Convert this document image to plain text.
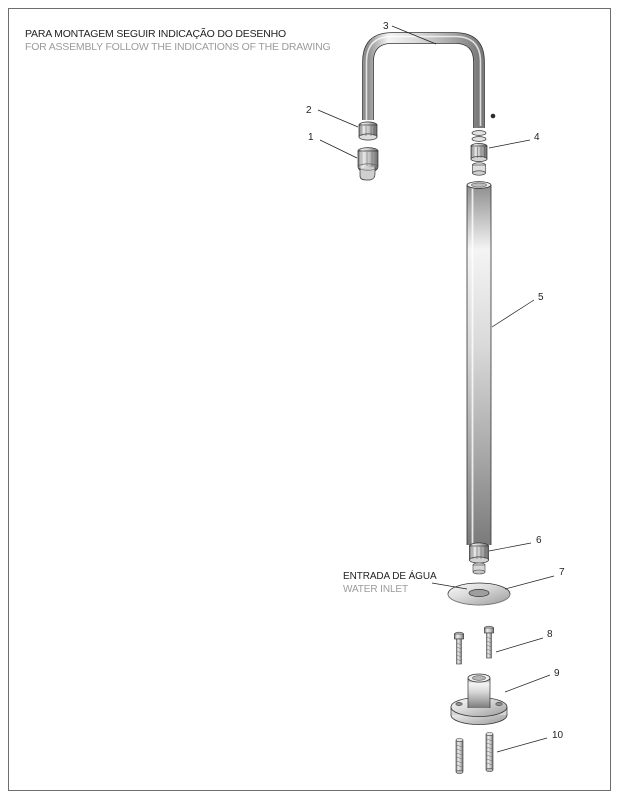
PARA MONTAGEM SEGUIR INDICAÇÃO DO DESENHO
FOR ASSEMBLY FOLLOW THE INDICATIONS OF THE DRAWING
ENTRADA DE ÁGUA
WATER INLET
1
2
3
4
5
6
7
8
9
10
